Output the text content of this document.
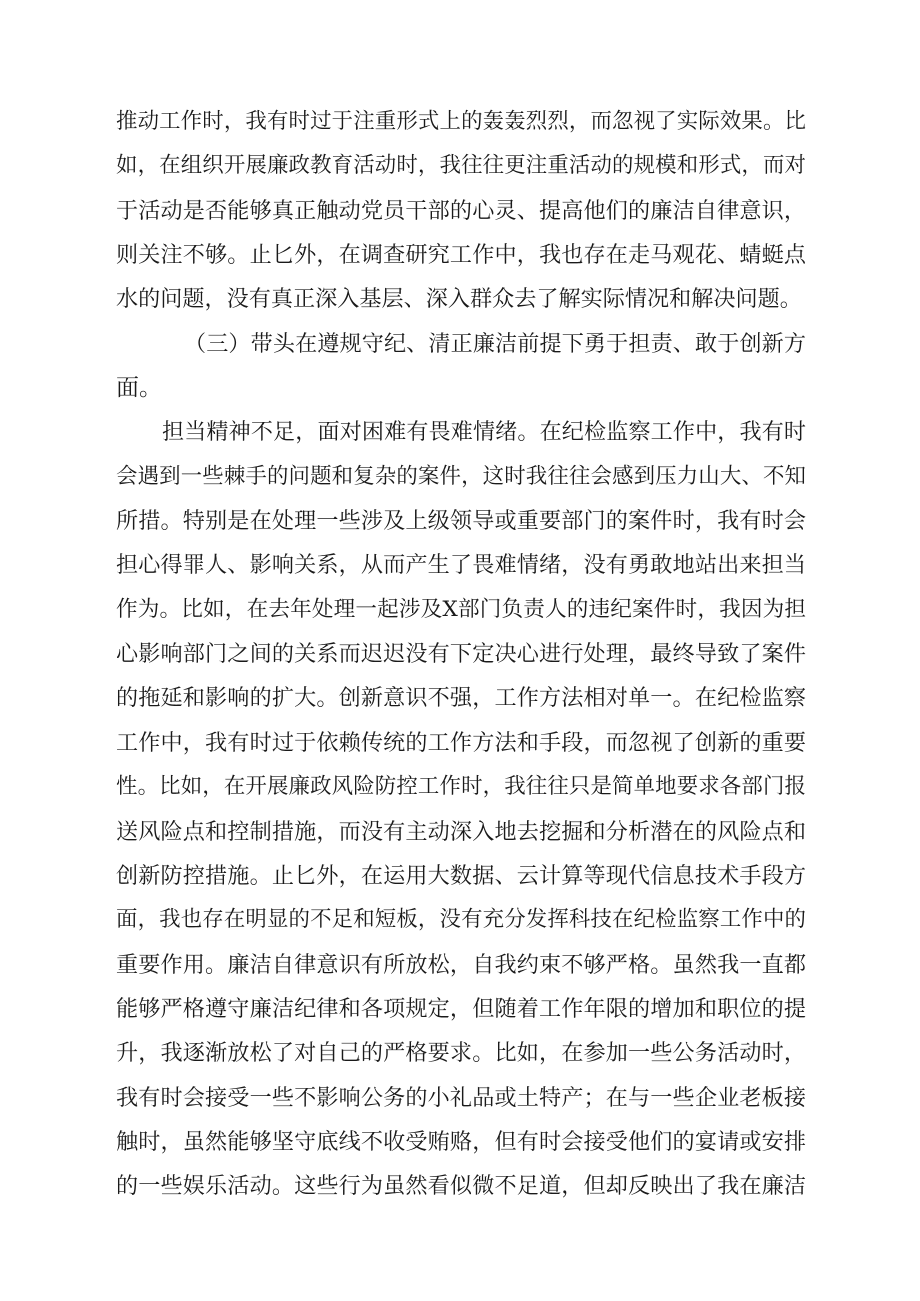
推动工作时，我有时过于注重形式上的轰轰烈烈，而忽视了实际效果。比
如，在组织开展廉政教育活动时，我往往更注重活动的规模和形式，而对
于活动是否能够真正触动党员干部的心灵、提高他们的廉洁自律意识，
则关注不够。止匕外，在调查研究工作中，我也存在走马观花、蜻蜓点
水的问题，没有真正深入基层、深入群众去了解实际情况和解决问题。
（三）带头在遵规守纪、清正廉洁前提下勇于担责、敢于创新方
面。
担当精神不足，面对困难有畏难情绪。在纪检监察工作中，我有时
会遇到一些棘手的问题和复杂的案件，这时我往往会感到压力山大、不知
所措。特别是在处理一些涉及上级领导或重要部门的案件时，我有时会
担心得罪人、影响关系，从而产生了畏难情绪，没有勇敢地站出来担当
作为。比如，在去年处理一起涉及X部门负责人的违纪案件时，我因为担
心影响部门之间的关系而迟迟没有下定决心进行处理，最终导致了案件
的拖延和影响的扩大。创新意识不强，工作方法相对单一。在纪检监察
工作中，我有时过于依赖传统的工作方法和手段，而忽视了创新的重要
性。比如，在开展廉政风险防控工作时，我往往只是简单地要求各部门报
送风险点和控制措施，而没有主动深入地去挖掘和分析潜在的风险点和
创新防控措施。止匕外，在运用大数据、云计算等现代信息技术手段方
面，我也存在明显的不足和短板，没有充分发挥科技在纪检监察工作中的
重要作用。廉洁自律意识有所放松，自我约束不够严格。虽然我一直都
能够严格遵守廉洁纪律和各项规定，但随着工作年限的增加和职位的提
升，我逐渐放松了对自己的严格要求。比如，在参加一些公务活动时，
我有时会接受一些不影响公务的小礼品或土特产；在与一些企业老板接
触时，虽然能够坚守底线不收受贿赂，但有时会接受他们的宴请或安排
的一些娱乐活动。这些行为虽然看似微不足道，但却反映出了我在廉洁
